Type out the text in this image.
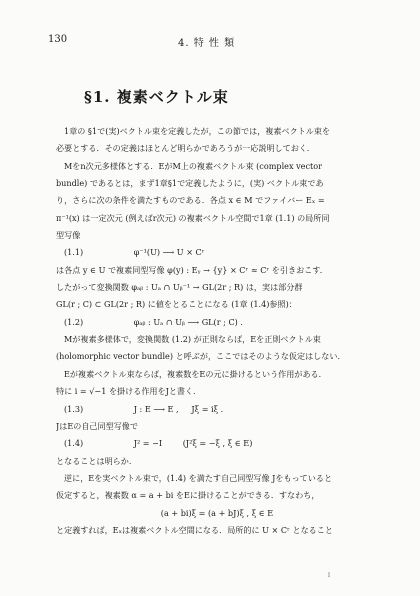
130	4. 特 性 類
§1. 複素ベクトル束
1章の §1で(実)ベクトル束を定義したが，この節では，複素ベクトル束を
必要とする．その定義はほとんど明らかであろうが一応説明しておく．
Mをn次元多様体とする．EがM上の複素ベクトル束 (complex vector
bundle) であるとは，まず1章§1で定義したように，(実) ベクトル束であ
り，さらに次の条件を満たすものである．各点 x ∈ M でファイバー Eₓ =
π⁻¹(x) は一定次元 (例えばr次元) の複素ベクトル空間で1章 (1.1) の局所同
型写像
(1.1)	φ⁻¹(U) ⟶ U × Cʳ
は各点 y ∈ U で複素同型写像 φ(y) : Eᵧ → {y} × Cʳ ≈ Cʳ を引きおこす．
したがって変換関数 φₐᵦ : Uₐ ∩ Uᵦ⁻¹ → GL(2r ; R) は，実は部分群
GL(r ; C) ⊂ GL(2r ; R) に値をとることになる (1章 (1.4)参照)：
(1.2)	φₐᵦ : Uₐ ∩ Uᵦ ⟶ GL(r ; C) .
Mが複素多様体で，変換関数 (1.2) が正則ならば，Eを正則ベクトル束
(holomorphic vector bundle) と呼ぶが，ここではそのような仮定はしない．
Eが複素ベクトル束ならば，複素数をEの元に掛けるという作用がある．
特に i = √−1 を掛ける作用をJと書く．
(1.3)	J : E ⟶ E ,     Jξ = iξ .
JはEの自己同型写像で
(1.4)	J² = −I        (J²ξ = −ξ , ξ ∈ E)
となることは明らか．
逆に，Eを実ベクトル束で，(1.4) を満たす自己同型写像 Jをもっていると
仮定すると，複素数 α = a + bi をEに掛けることができる．すなわち，
(a + bi)ξ = (a + bJ)ξ , ξ ∈ E
と定義すれば，Eₓは複素ベクトル空間になる．局所的に U × Cʳ となること
ｌ
